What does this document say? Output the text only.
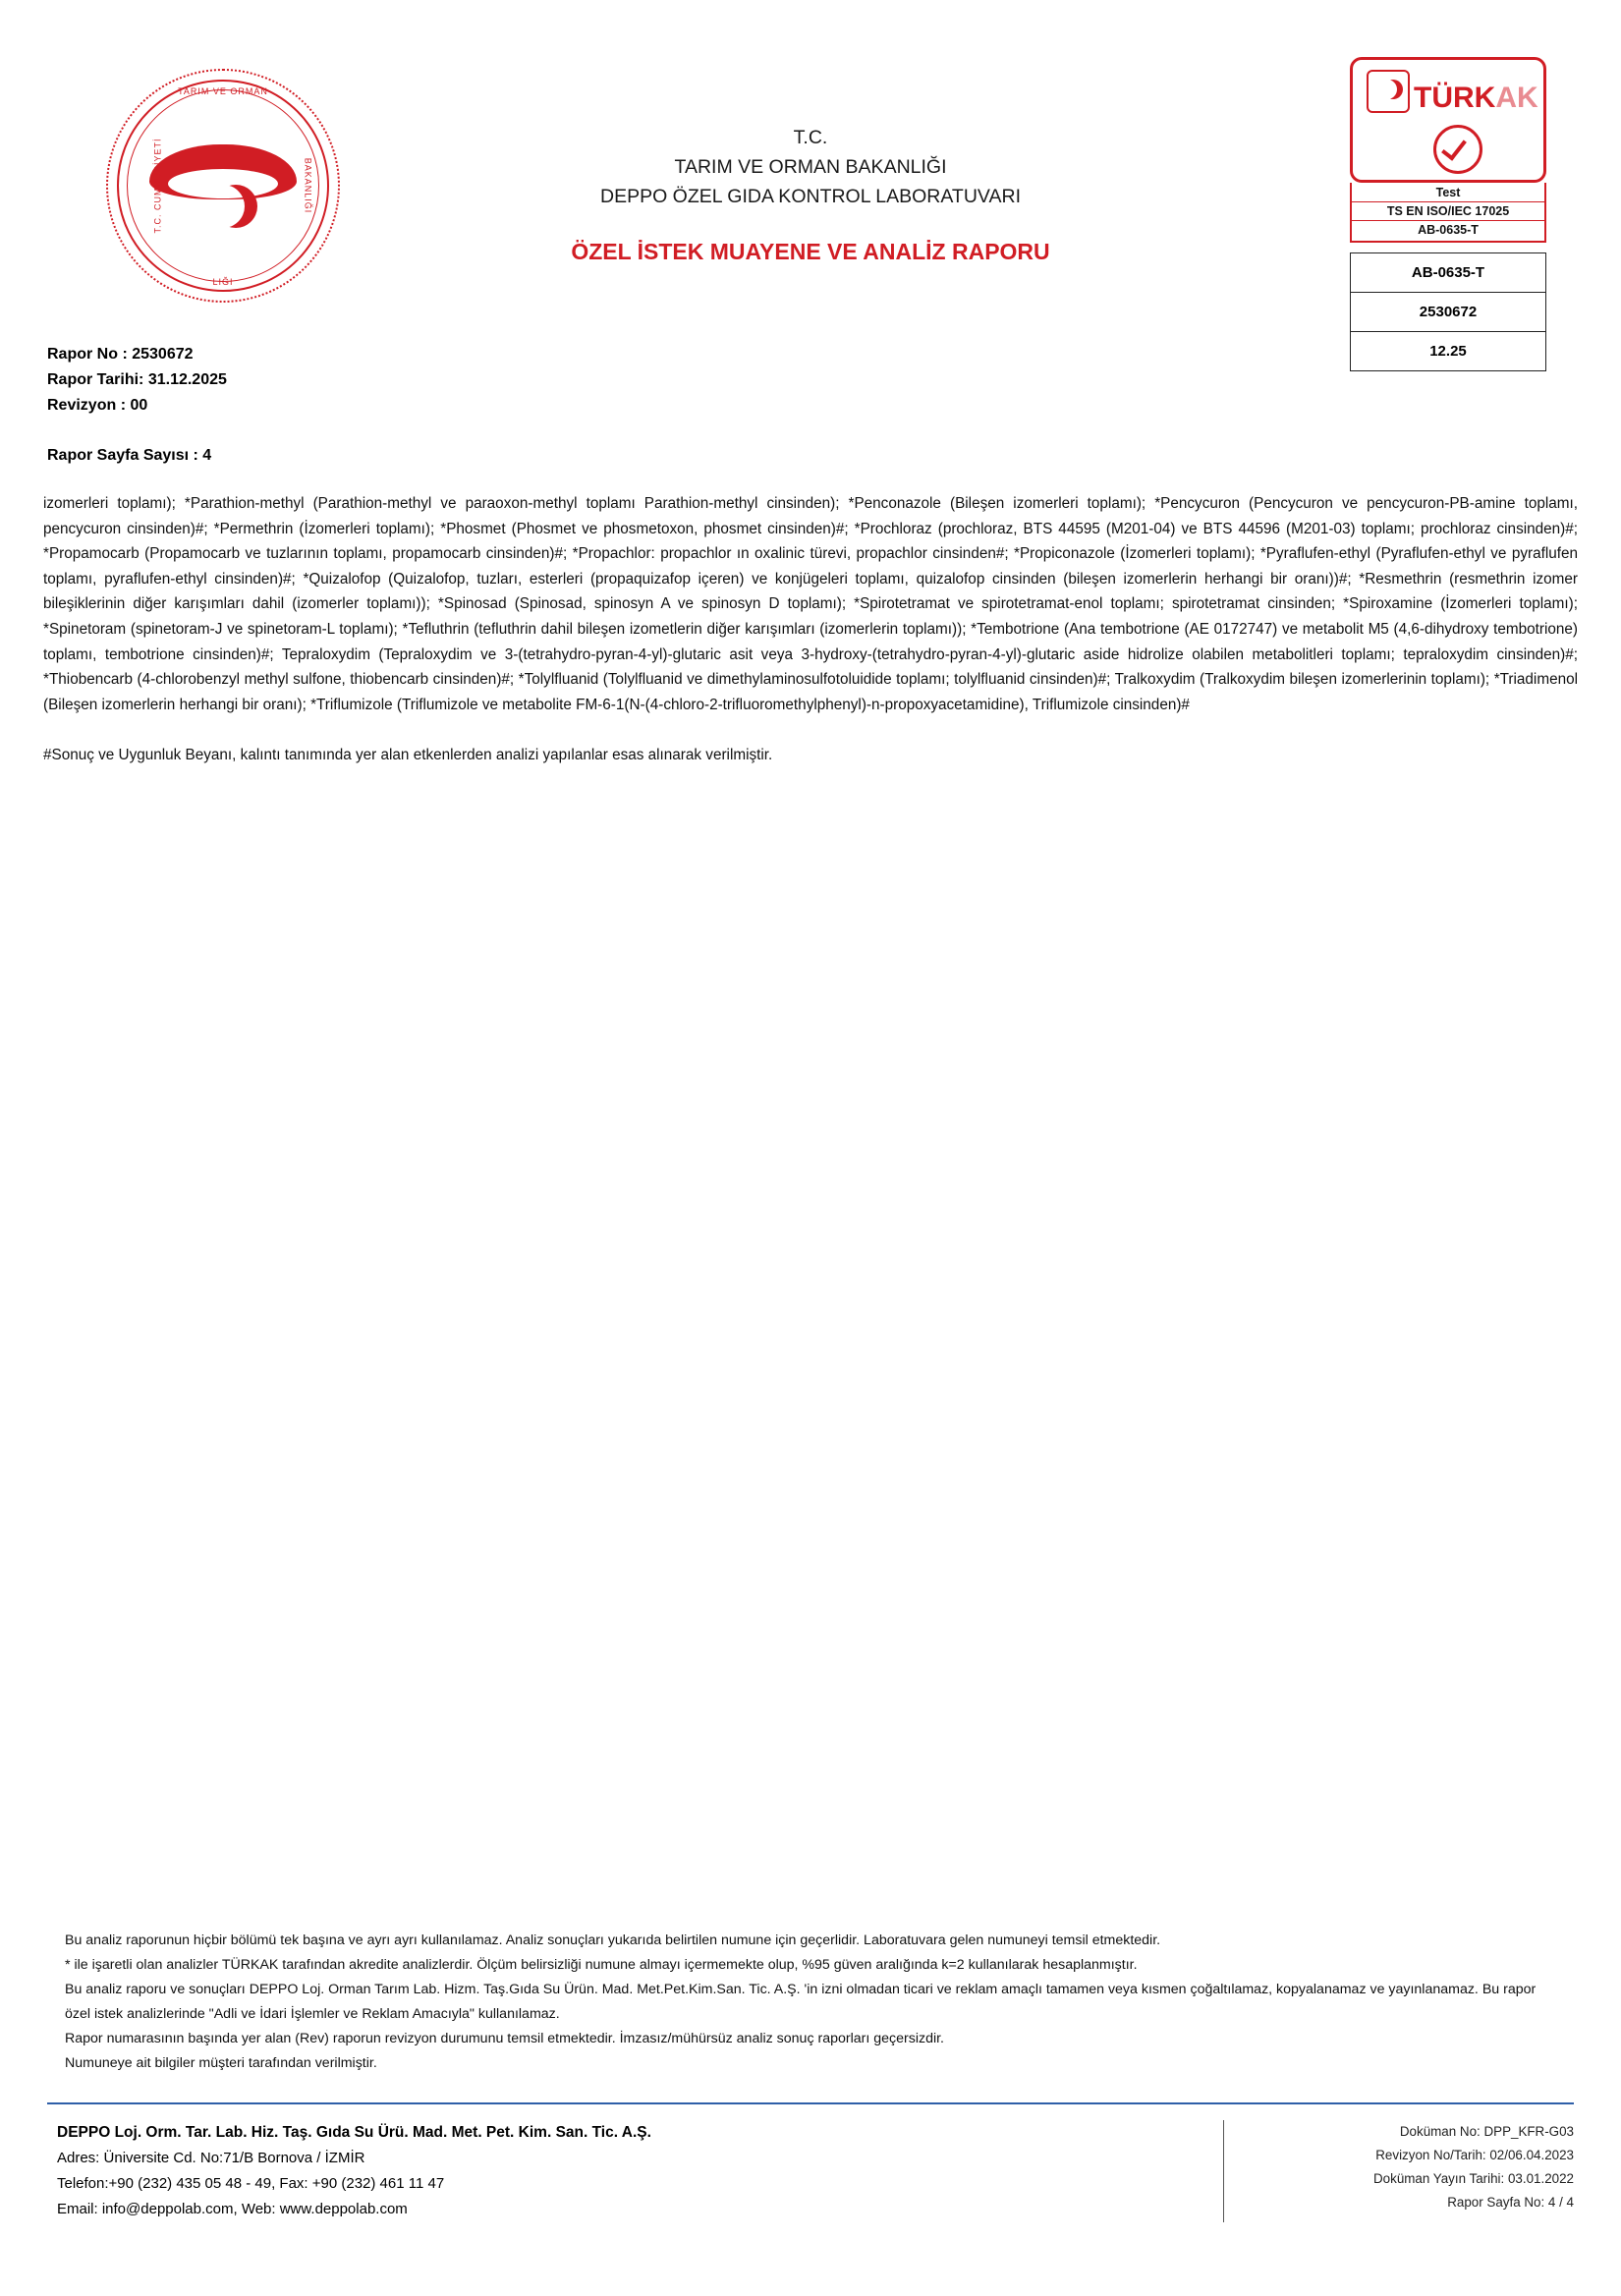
TARIM VE ORMAN
LIĞI
T.C. CUMHURİYETİ	BAKANLIĞI
T.C.
TARIM VE ORMAN BAKANLIĞI
DEPPO ÖZEL GIDA KONTROL LABORATUVARI
ÖZEL İSTEK MUAYENE VE ANALİZ RAPORU
TÜRKAK
Test
TS EN ISO/IEC 17025
AB-0635-T
AB-0635-T
2530672
12.25
Rapor No : 2530672
Rapor Tarihi: 31.12.2025
Revizyon : 00
Rapor Sayfa Sayısı : 4
izomerleri toplamı); *Parathion-methyl (Parathion-methyl ve paraoxon-methyl toplamı Parathion-methyl cinsinden); *Penconazole (Bileşen izomerleri toplamı); *Pencycuron (Pencycuron ve pencycuron-PB-amine toplamı, pencycuron cinsinden)#; *Permethrin (İzomerleri toplamı); *Phosmet (Phosmet ve phosmetoxon, phosmet cinsinden)#; *Prochloraz (prochloraz, BTS 44595 (M201-04) ve BTS 44596 (M201-03) toplamı; prochloraz cinsinden)#; *Propamocarb (Propamocarb ve tuzlarının toplamı, propamocarb cinsinden)#; *Propachlor: propachlor ın oxalinic türevi, propachlor cinsinden#; *Propiconazole (İzomerleri toplamı); *Pyraflufen-ethyl (Pyraflufen-ethyl ve pyraflufen toplamı, pyraflufen-ethyl cinsinden)#; *Quizalofop (Quizalofop, tuzları, esterleri (propaquizafop içeren) ve konjügeleri toplamı, quizalofop cinsinden (bileşen izomerlerin herhangi bir oranı))#; *Resmethrin (resmethrin izomer bileşiklerinin diğer karışımları dahil (izomerler toplamı)); *Spinosad (Spinosad, spinosyn A ve spinosyn D toplamı); *Spirotetramat ve spirotetramat-enol toplamı; spirotetramat cinsinden; *Spiroxamine (İzomerleri toplamı); *Spinetoram (spinetoram-J ve spinetoram-L toplamı); *Tefluthrin (tefluthrin dahil bileşen izometlerin diğer karışımları (izomerlerin toplamı)); *Tembotrione (Ana tembotrione (AE 0172747) ve metabolit M5 (4,6-dihydroxy tembotrione) toplamı, tembotrione cinsinden)#; Tepraloxydim (Tepraloxydim ve 3-(tetrahydro-pyran-4-yl)-glutaric asit veya 3-hydroxy-(tetrahydro-pyran-4-yl)-glutaric aside hidrolize olabilen metabolitleri toplamı; tepraloxydim cinsinden)#; *Thiobencarb (4-chlorobenzyl methyl sulfone, thiobencarb cinsinden)#; *Tolylfluanid (Tolylfluanid ve dimethylaminosulfotoluidide toplamı; tolylfluanid cinsinden)#; Tralkoxydim (Tralkoxydim bileşen izomerlerinin toplamı); *Triadimenol (Bileşen izomerlerin herhangi bir oranı); *Triflumizole (Triflumizole ve metabolite FM-6-1(N-(4-chloro-2-trifluoromethylphenyl)-n-propoxyacetamidine), Triflumizole cinsinden)#
#Sonuç ve Uygunluk Beyanı, kalıntı tanımında yer alan etkenlerden analizi yapılanlar esas alınarak verilmiştir.
Bu analiz raporunun hiçbir bölümü tek başına ve ayrı ayrı kullanılamaz. Analiz sonuçları yukarıda belirtilen numune için geçerlidir. Laboratuvara gelen numuneyi temsil etmektedir.
* ile işaretli olan analizler TÜRKAK tarafından akredite analizlerdir. Ölçüm belirsizliği numune almayı içermemekte olup, %95 güven aralığında k=2 kullanılarak hesaplanmıştır.
Bu analiz raporu ve sonuçları DEPPO Loj. Orman Tarım Lab. Hizm. Taş.Gıda Su Ürün. Mad. Met.Pet.Kim.San. Tic. A.Ş. 'in izni olmadan ticari ve reklam amaçlı tamamen veya kısmen çoğaltılamaz, kopyalanamaz ve yayınlanamaz. Bu rapor özel istek analizlerinde "Adli ve İdari İşlemler ve Reklam Amacıyla" kullanılamaz.
Rapor numarasının başında yer alan (Rev) raporun revizyon durumunu temsil etmektedir. İmzasız/mühürsüz analiz sonuç raporları geçersizdir.
Numuneye ait bilgiler müşteri tarafından verilmiştir.
DEPPO Loj. Orm. Tar. Lab. Hiz. Taş. Gıda Su Ürü. Mad. Met. Pet. Kim. San. Tic. A.Ş.
Adres: Üniversite Cd. No:71/B Bornova / İZMİR
Telefon:+90 (232) 435 05 48 - 49, Fax: +90 (232) 461 11 47
Email: info@deppolab.com, Web: www.deppolab.com
Doküman No: DPP_KFR-G03
Revizyon No/Tarih: 02/06.04.2023
Doküman Yayın Tarihi: 03.01.2022
Rapor Sayfa No: 4 / 4
